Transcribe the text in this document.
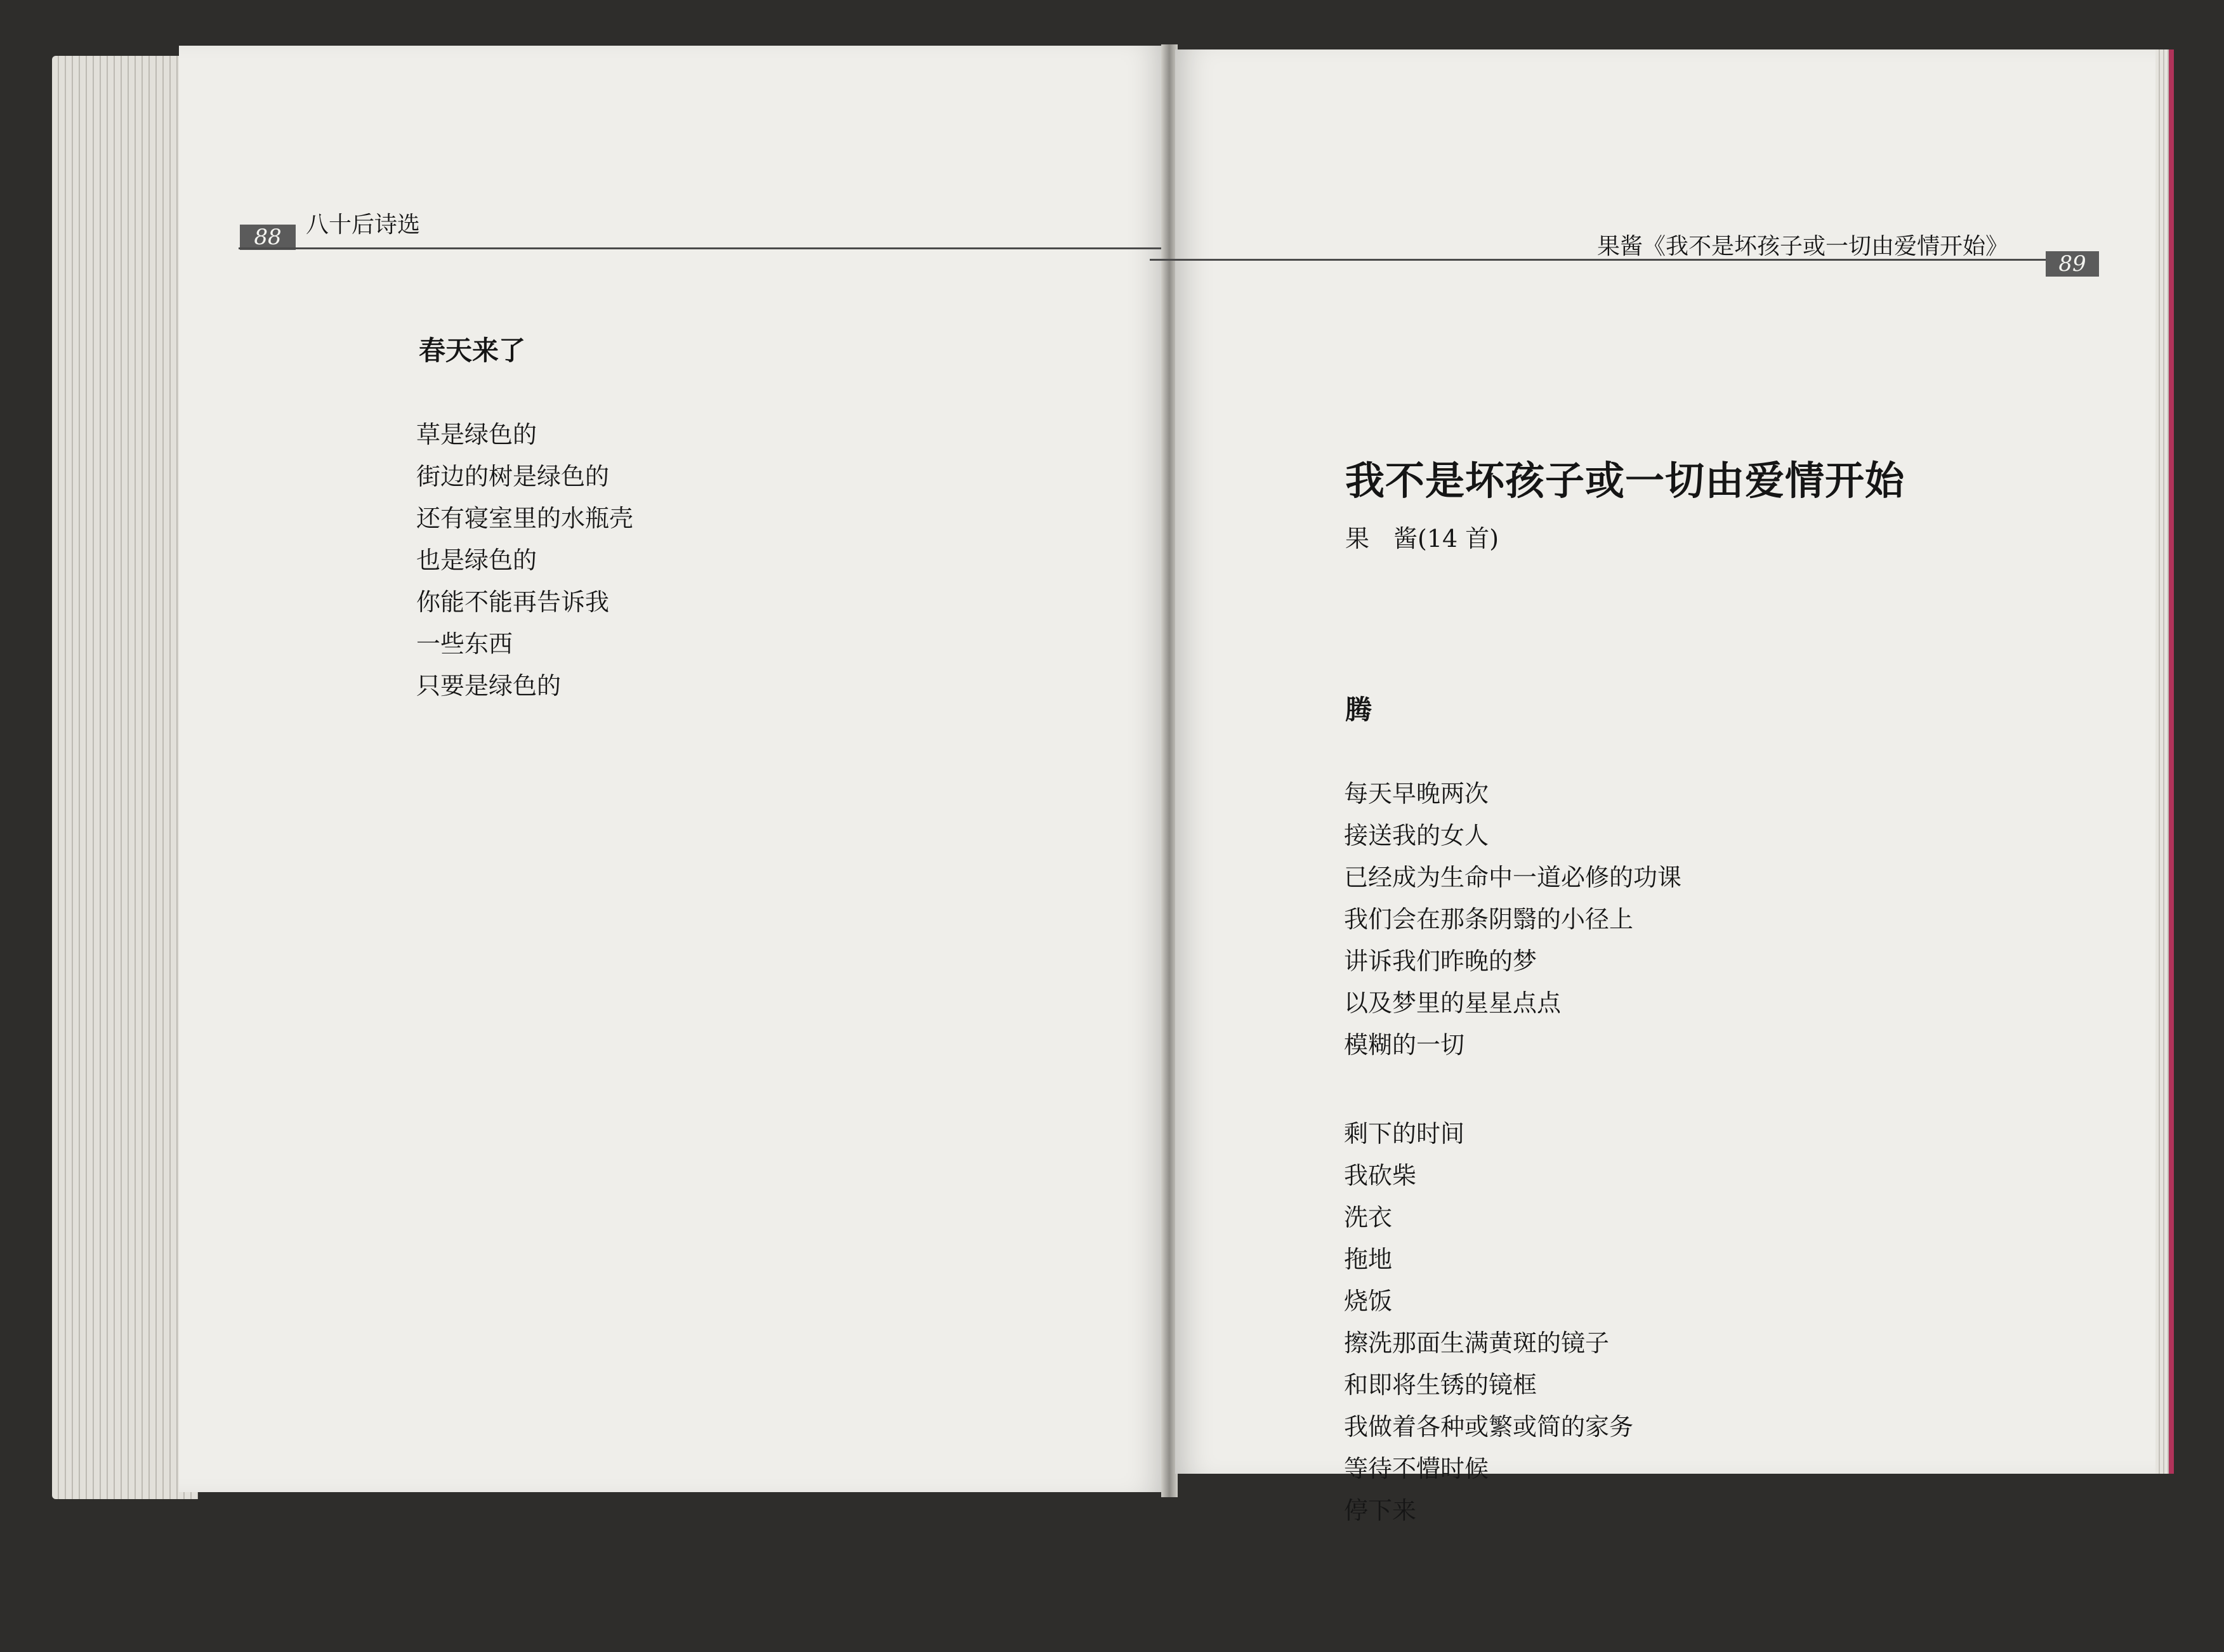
88	八十后诗选
春天来了
草是绿色的
街边的树是绿色的
还有寝室里的水瓶壳
也是绿色的
你能不能再告诉我
一些东西
只要是绿色的
果酱《我不是坏孩子或一切由爱情开始》
89
我不是坏孩子或一切由爱情开始
果　酱(14 首)
腾
每天早晚两次
接送我的女人
已经成为生命中一道必修的功课
我们会在那条阴翳的小径上
讲诉我们昨晚的梦
以及梦里的星星点点
模糊的一切
剩下的时间
我砍柴
洗衣
拖地
烧饭
擦洗那面生满黄斑的镜子
和即将生锈的镜框
我做着各种或繁或简的家务
等待不懵时候
停下来
